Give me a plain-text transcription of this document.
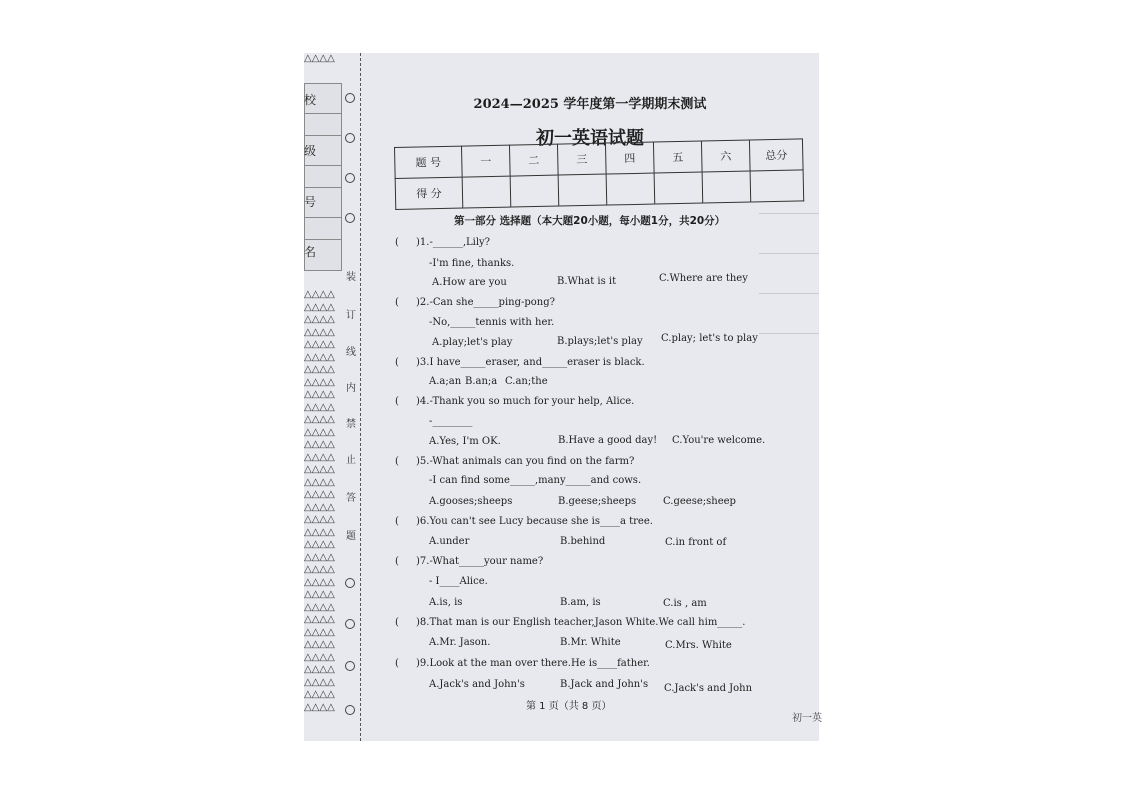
△△△△
校
级
号
名
△△△△
△△△△
△△△△
△△△△
△△△△
△△△△
△△△△
△△△△
△△△△
△△△△
△△△△
△△△△
△△△△
△△△△
△△△△
△△△△
△△△△
△△△△
△△△△
△△△△
△△△△
△△△△
△△△△
△△△△
△△△△
△△△△
△△△△
△△△△
△△△△
△△△△
△△△△
△△△△
△△△△
△△△△
装
订
线
内
禁
止
答
题
2024—2025 学年度第一学期期末测试
初一英语试题
题 号	一	二	三	四	五	六	总分
得 分							
第一部分 选择题（本大题20小题，每小题1分，共20分）
( )1.-______,Lily?
-I'm fine, thanks.
A.How are you	B.What is it	C.Where are they
( )2.-Can she_____ping-pong?
-No,_____tennis with her.
A.play;let's play	B.plays;let's play C.play; let's to play
( )3.I have_____eraser, and_____eraser is black.
A.a;an B.an;a C.an;the
( )4.-Thank you so much for your help, Alice.
-________
A.Yes, I'm OK.	B.Have a good day! C.You're welcome.
( )5.-What animals can you find on the farm?
-I can find some_____,many_____and cows.
A.gooses;sheeps	B.geese;sheeps	C.geese;sheep
( )6.You can't see Lucy because she is____a tree.
A.under	B.behind	C.in front of
( )7.-What_____your name?
- I____Alice.
A.is, is	B.am, is	C.is , am
( )8.That man is our English teacher,Jason White.We call him_____.
A.Mr. Jason.	B.Mr. White	C.Mrs. White
( )9.Look at the man over there.He is____father.
A.Jack's and John's	B.Jack and John's C.Jack's and John
第 1 页（共 8 页）
初一英
